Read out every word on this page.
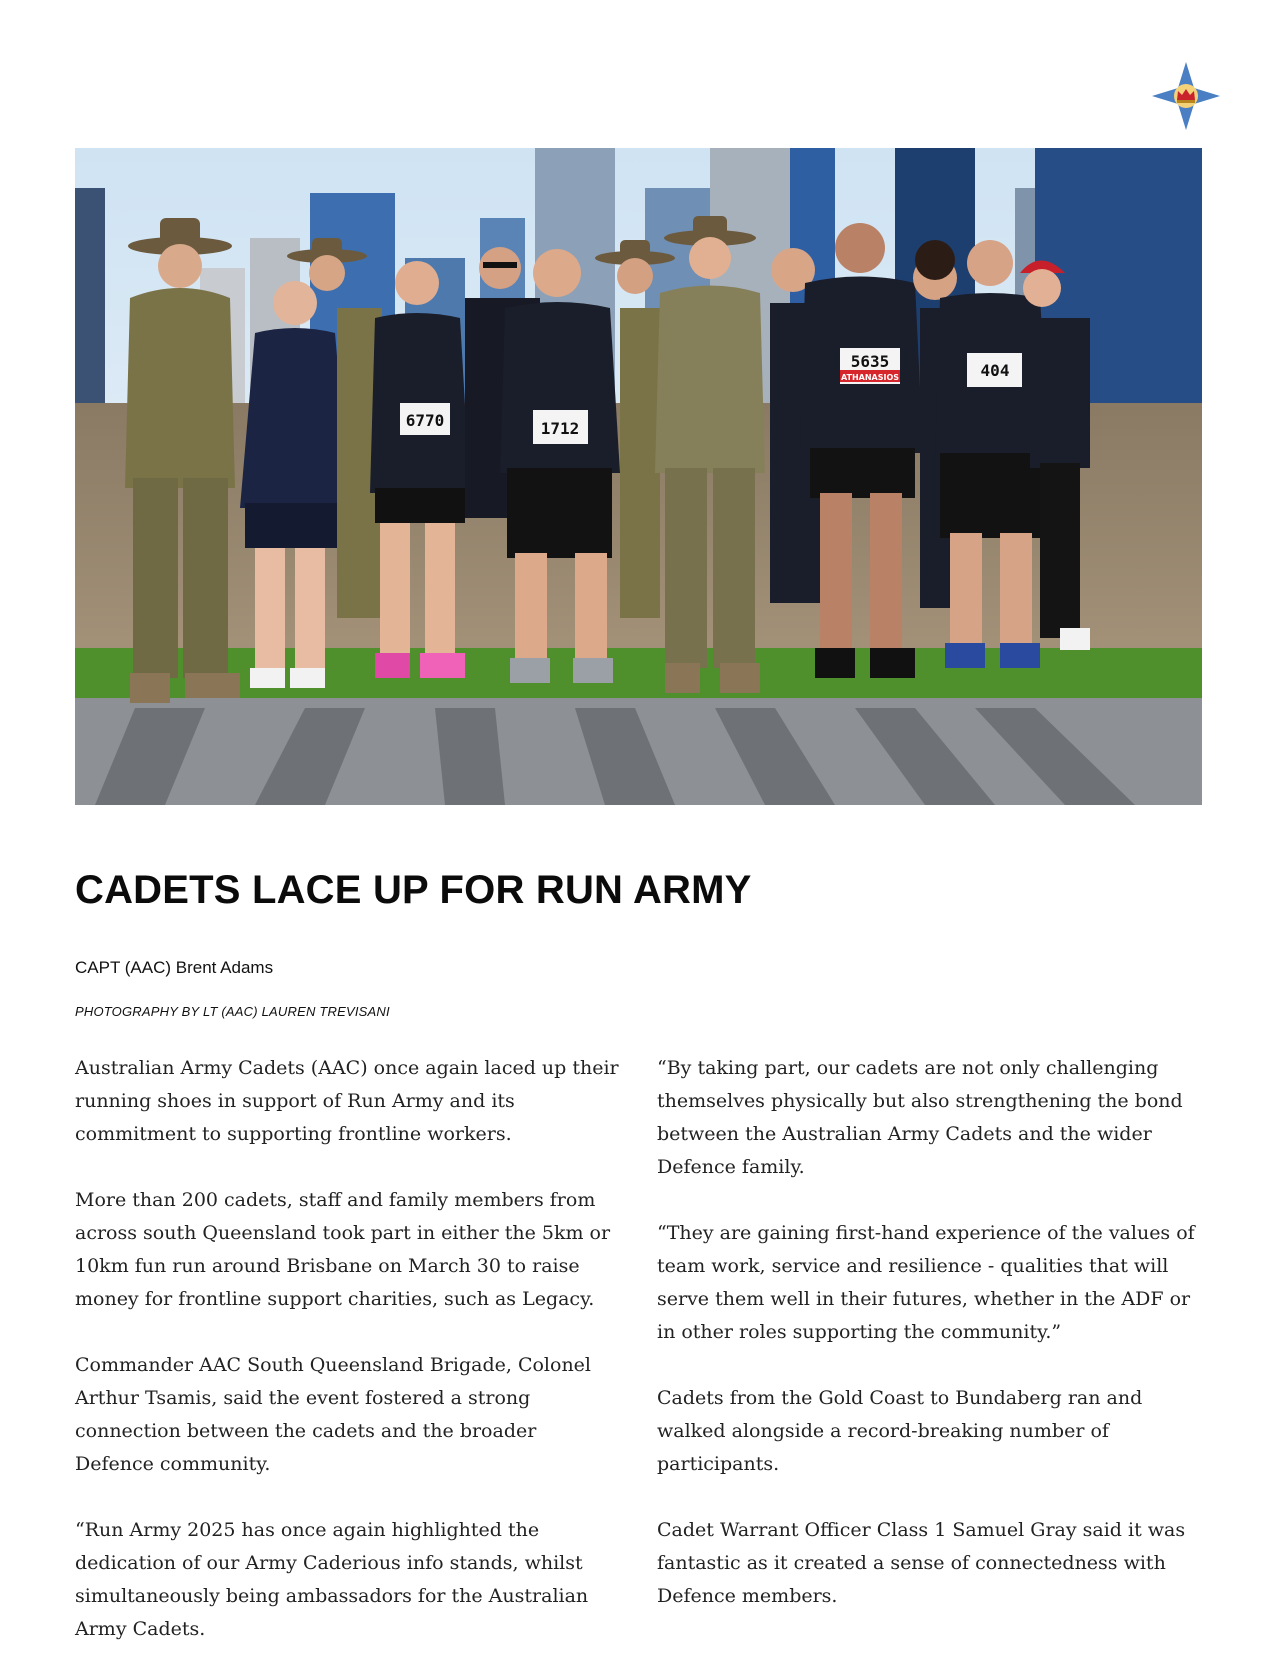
6770	1712
5635
ATHANASIOS	404
CADETS LACE UP FOR RUN ARMY
CAPT (AAC) Brent Adams
PHOTOGRAPHY BY LT (AAC) LAUREN TREVISANI

Australian Army Cadets (AAC) once again laced up their running shoes in support of Run Army and its commitment to supporting frontline workers.

More than 200 cadets, staff and family members from across south Queensland took part in either the 5km or 10km fun run around Brisbane on March 30 to raise money for frontline support charities, such as Legacy.

Commander AAC South Queensland Brigade, Colonel Arthur Tsamis, said the event fostered a strong connection between the cadets and the broader Defence community.

“Run Army 2025 has once again highlighted the dedication of our Army Caderious info stands, whilst simultaneously being ambassadors for the Australian Army Cadets.

“By taking part, our cadets are not only challenging themselves physically but also strengthening the bond between the Australian Army Cadets and the wider Defence family.

“They are gaining first-hand experience of the values of team work, service and resilience - qualities that will serve them well in their futures, whether in the ADF or in other roles supporting the community.”

Cadets from the Gold Coast to Bundaberg ran and walked alongside a record-breaking number of participants.

Cadet Warrant Officer Class 1 Samuel Gray said it was fantastic as it created a sense of connectedness with Defence members.
